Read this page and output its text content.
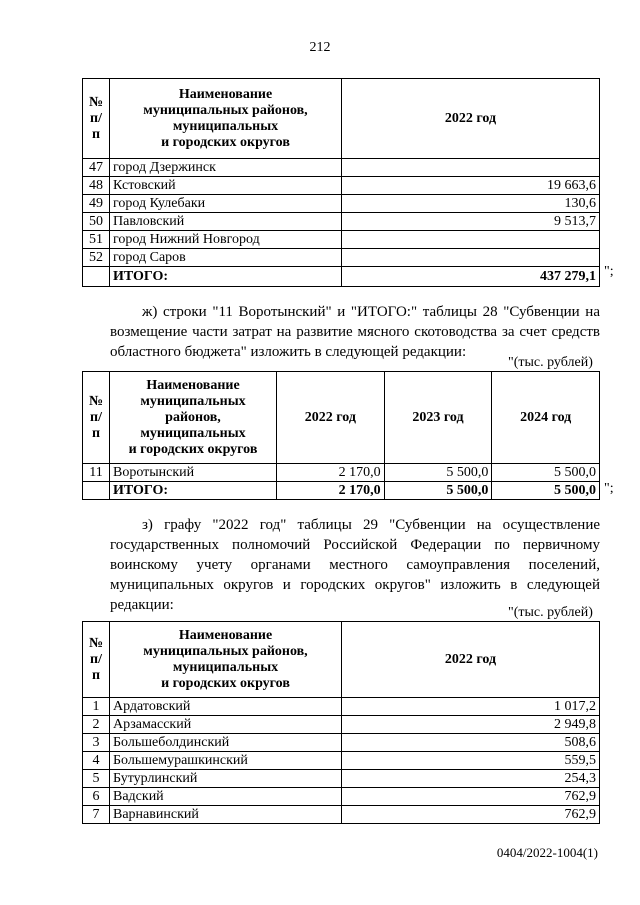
212
№ п/п	Наименование
муниципальных районов,
муниципальных
и городских округов	2022 год
47	город Дзержинск	
48	Кстовский	19 663,6
49	город Кулебаки	130,6
50	Павловский	9 513,7
51	город Нижний Новгород	
52	город Саров	
	ИТОГО:	437 279,1 ";
ж) строки "11 Воротынский" и "ИТОГО:" таблицы 28 "Субвенции на возмещение части затрат на развитие мясного скотоводства за счет средств областного бюджета" изложить в следующей редакции:
"(тыс. рублей)
№ п/п	Наименование
муниципальных
районов,
муниципальных
и городских округов	2022 год	2023 год	2024 год
11	Воротынский	2 170,0	5 500,0	5 500,0
	ИТОГО:	2 170,0	5 500,0	5 500,0 ";
з) графу "2022 год" таблицы 29 "Субвенции на осуществление государственных полномочий Российской Федерации по первичному воинскому учету органами местного самоуправления поселений, муниципальных округов и городских округов" изложить в следующей редакции:	"(тыс. рублей)
№ п/п	Наименование
муниципальных районов,
муниципальных
и городских округов	2022 год
1	Ардатовский	1 017,2
2	Арзамасский	2 949,8
3	Большеболдинский	508,6
4	Большемурашкинский	559,5
5	Бутурлинский	254,3
6	Вадский	762,9
7	Варнавинский	762,9
0404/2022-1004(1)
